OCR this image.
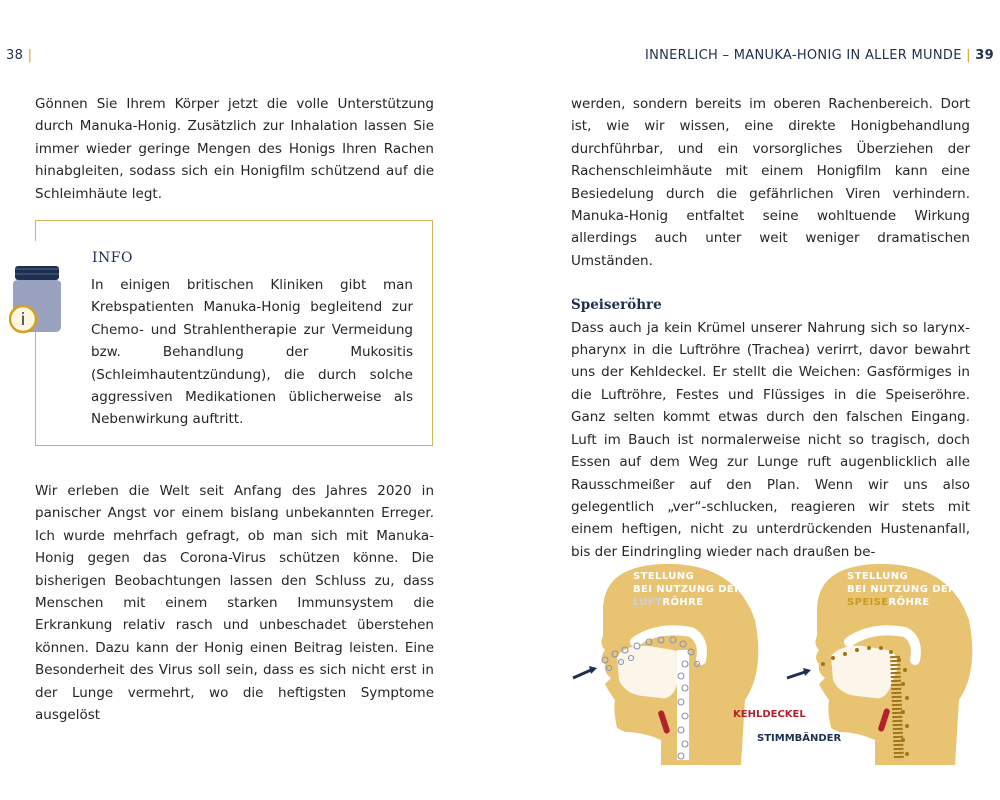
38 |	INNERLICH – MANUKA-HONIG IN ALLER MUNDE | 39

Gönnen Sie Ihrem Körper jetzt die volle Unterstützung durch Manuka-Honig. Zusätzlich zur Inhalation lassen Sie immer wieder geringe Mengen des Honigs Ihren Rachen hinabgleiten, sodass sich ein Honigfilm schützend auf die Schleimhäute legt.

INFO
In einigen britischen Kliniken gibt man Krebspatienten Manuka-Honig begleitend zur Chemo- und Strahlentherapie zur Vermeidung bzw. Behandlung der Mukositis (Schleimhautentzündung), die durch solche aggressiven Medikationen üblicherweise als Nebenwirkung auftritt.
i

Wir erleben die Welt seit Anfang des Jahres 2020 in panischer Angst vor einem bislang unbekannten Erreger. Ich wurde mehrfach gefragt, ob man sich mit Manuka-Honig gegen das Corona-Virus schützen könne. Die bisherigen Beobachtungen lassen den Schluss zu, dass Menschen mit einem starken Immunsystem die Erkrankung relativ rasch und unbeschadet überstehen können. Dazu kann der Honig einen Beitrag leisten. Eine Besonderheit des Virus soll sein, dass es sich nicht erst in der Lunge vermehrt, wo die heftigsten Symptome ausgelöst

werden, sondern bereits im oberen Rachenbereich. Dort ist, wie wir wissen, eine direkte Honigbehandlung durchführbar, und ein vorsorgliches Überziehen der Rachenschleimhäute mit einem Honigfilm kann eine Besiedelung durch die gefährlichen Viren verhindern. Manuka-Honig entfaltet seine wohltuende Wirkung allerdings auch unter weit weniger dramatischen Umständen.

Speiseröhre

Dass auch ja kein Krümel unserer Nahrung sich so larynx-pharynx in die Luftröhre (Trachea) verirrt, davor bewahrt uns der Kehldeckel. Er stellt die Weichen: Gasförmiges in die Luftröhre, Festes und Flüssiges in die Speiseröhre. Ganz selten kommt etwas durch den falschen Eingang. Luft im Bauch ist normalerweise nicht so tragisch, doch Essen auf dem Weg zur Lunge ruft augenblicklich alle Rausschmeißer auf den Plan. Wenn wir uns also gelegentlich „ver“-schlucken, reagieren wir stets mit einem heftigen, nicht zu unterdrückenden Hustenanfall, bis der Eindringling wieder nach draußen be-

STELLUNG
BEI NUTZUNG DER
LUFTRÖHRE
STELLUNG
BEI NUTZUNG DER
SPEISERÖHRE
KEHLDECKEL
STIMMBÄNDER
